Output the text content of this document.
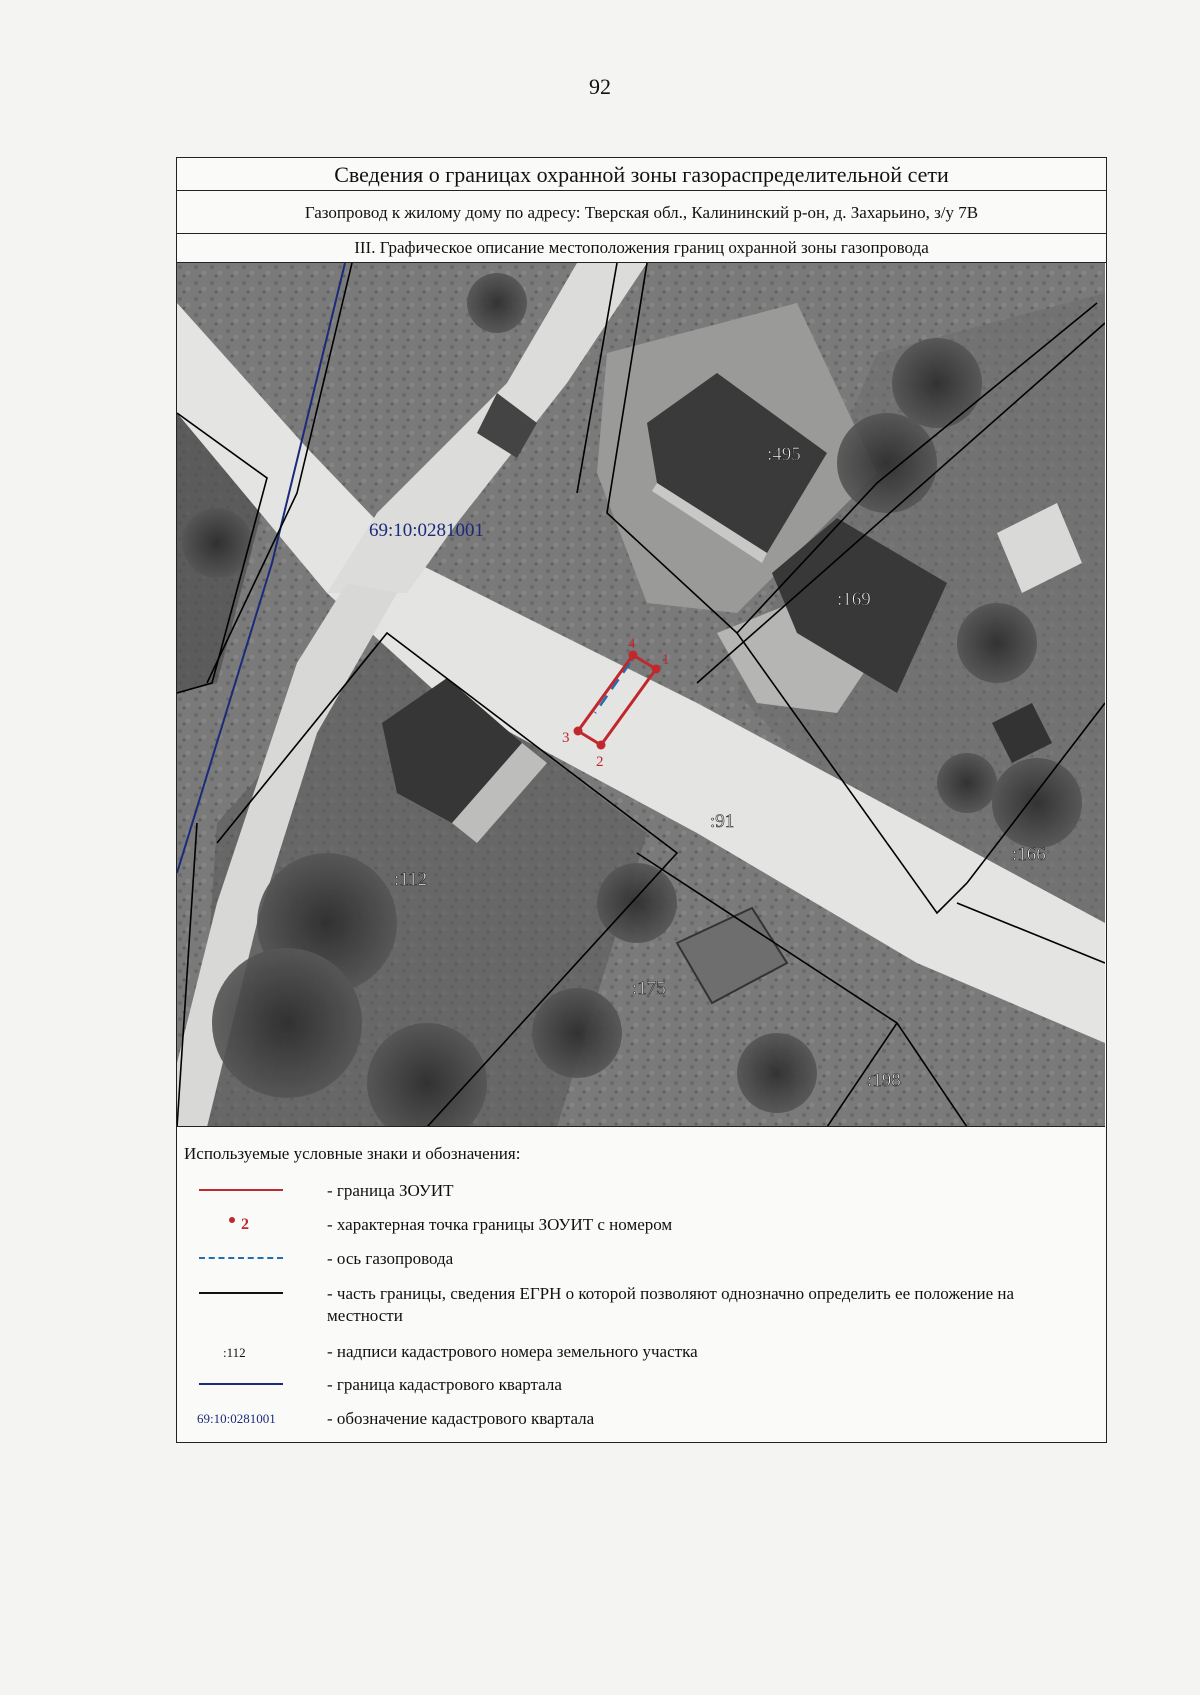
92
Сведения о границах охранной зоны газораспределительной сети
Газопровод к жилому дому по адресу: Тверская обл., Калининский р-он, д. Захарьино, з/у 7В
III. Графическое описание местоположения границ охранной зоны газопровода
1
2
3
4
69:10:0281001
:495
:169
:91
:112
:166
:175
:198
Используемые условные знаки и обозначения:
- граница ЗОУИТ
2	- характерная точка границы ЗОУИТ с номером
- ось газопровода
- часть границы, сведения ЕГРН о которой позволяют однозначно определить ее положение на местности
:112	- надписи кадастрового номера земельного участка
- граница кадастрового квартала
69:10:0281001	- обозначение кадастрового квартала
